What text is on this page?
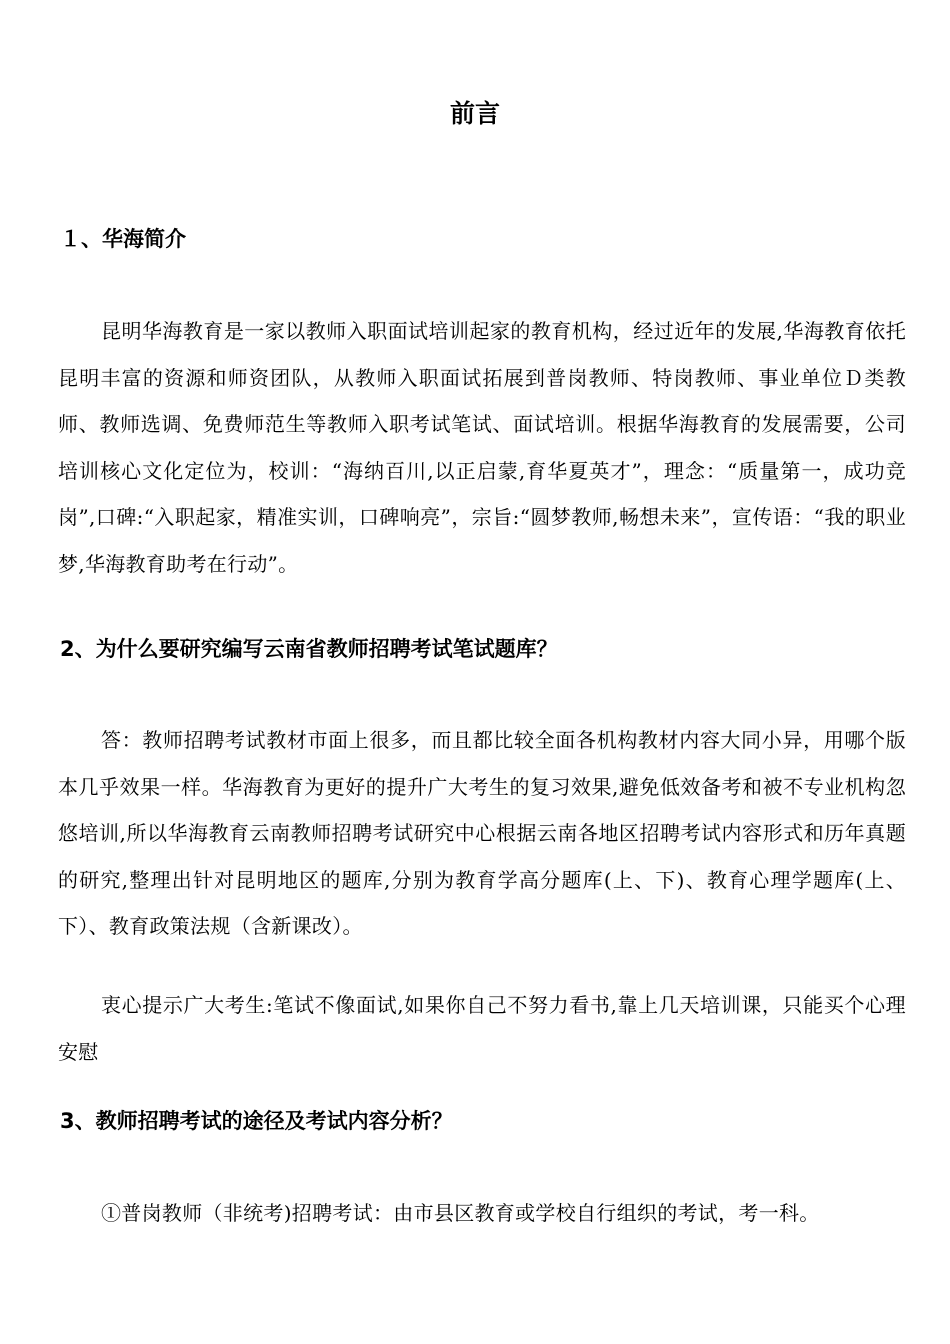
前言
１、华海简介

昆明华海教育是一家以教师入职面试培训起家的教育机构，经过近年的发展,华海教育依托昆明丰富的资源和师资团队，从教师入职面试拓展到普岗教师、特岗教师、事业单位Ｄ类教师、教师选调、免费师范生等教师入职考试笔试、面试培训。根据华海教育的发展需要，公司培训核心文化定位为，校训：“海纳百川,以正启蒙,育华夏英才”，理念：“质量第一，成功竞岗”,口碑:“入职起家，精准实训，口碑响亮”，宗旨:“圆梦教师,畅想未来”，宣传语：“我的职业梦,华海教育助考在行动”。

2、为什么要研究编写云南省教师招聘考试笔试题库？

答：教师招聘考试教材市面上很多，而且都比较全面各机构教材内容大同小异，用哪个版本几乎效果一样。华海教育为更好的提升广大考生的复习效果,避免低效备考和被不专业机构忽悠培训,所以华海教育云南教师招聘考试研究中心根据云南各地区招聘考试内容形式和历年真题的研究,整理出针对昆明地区的题库,分别为教育学高分题库(上、下)、教育心理学题库(上、下）、教育政策法规（含新课改）。

衷心提示广大考生:笔试不像面试,如果你自己不努力看书,靠上几天培训课，只能买个心理安慰

3、教师招聘考试的途径及考试内容分析？

①普岗教师（非统考)招聘考试：由市县区教育或学校自行组织的考试，考一科。
